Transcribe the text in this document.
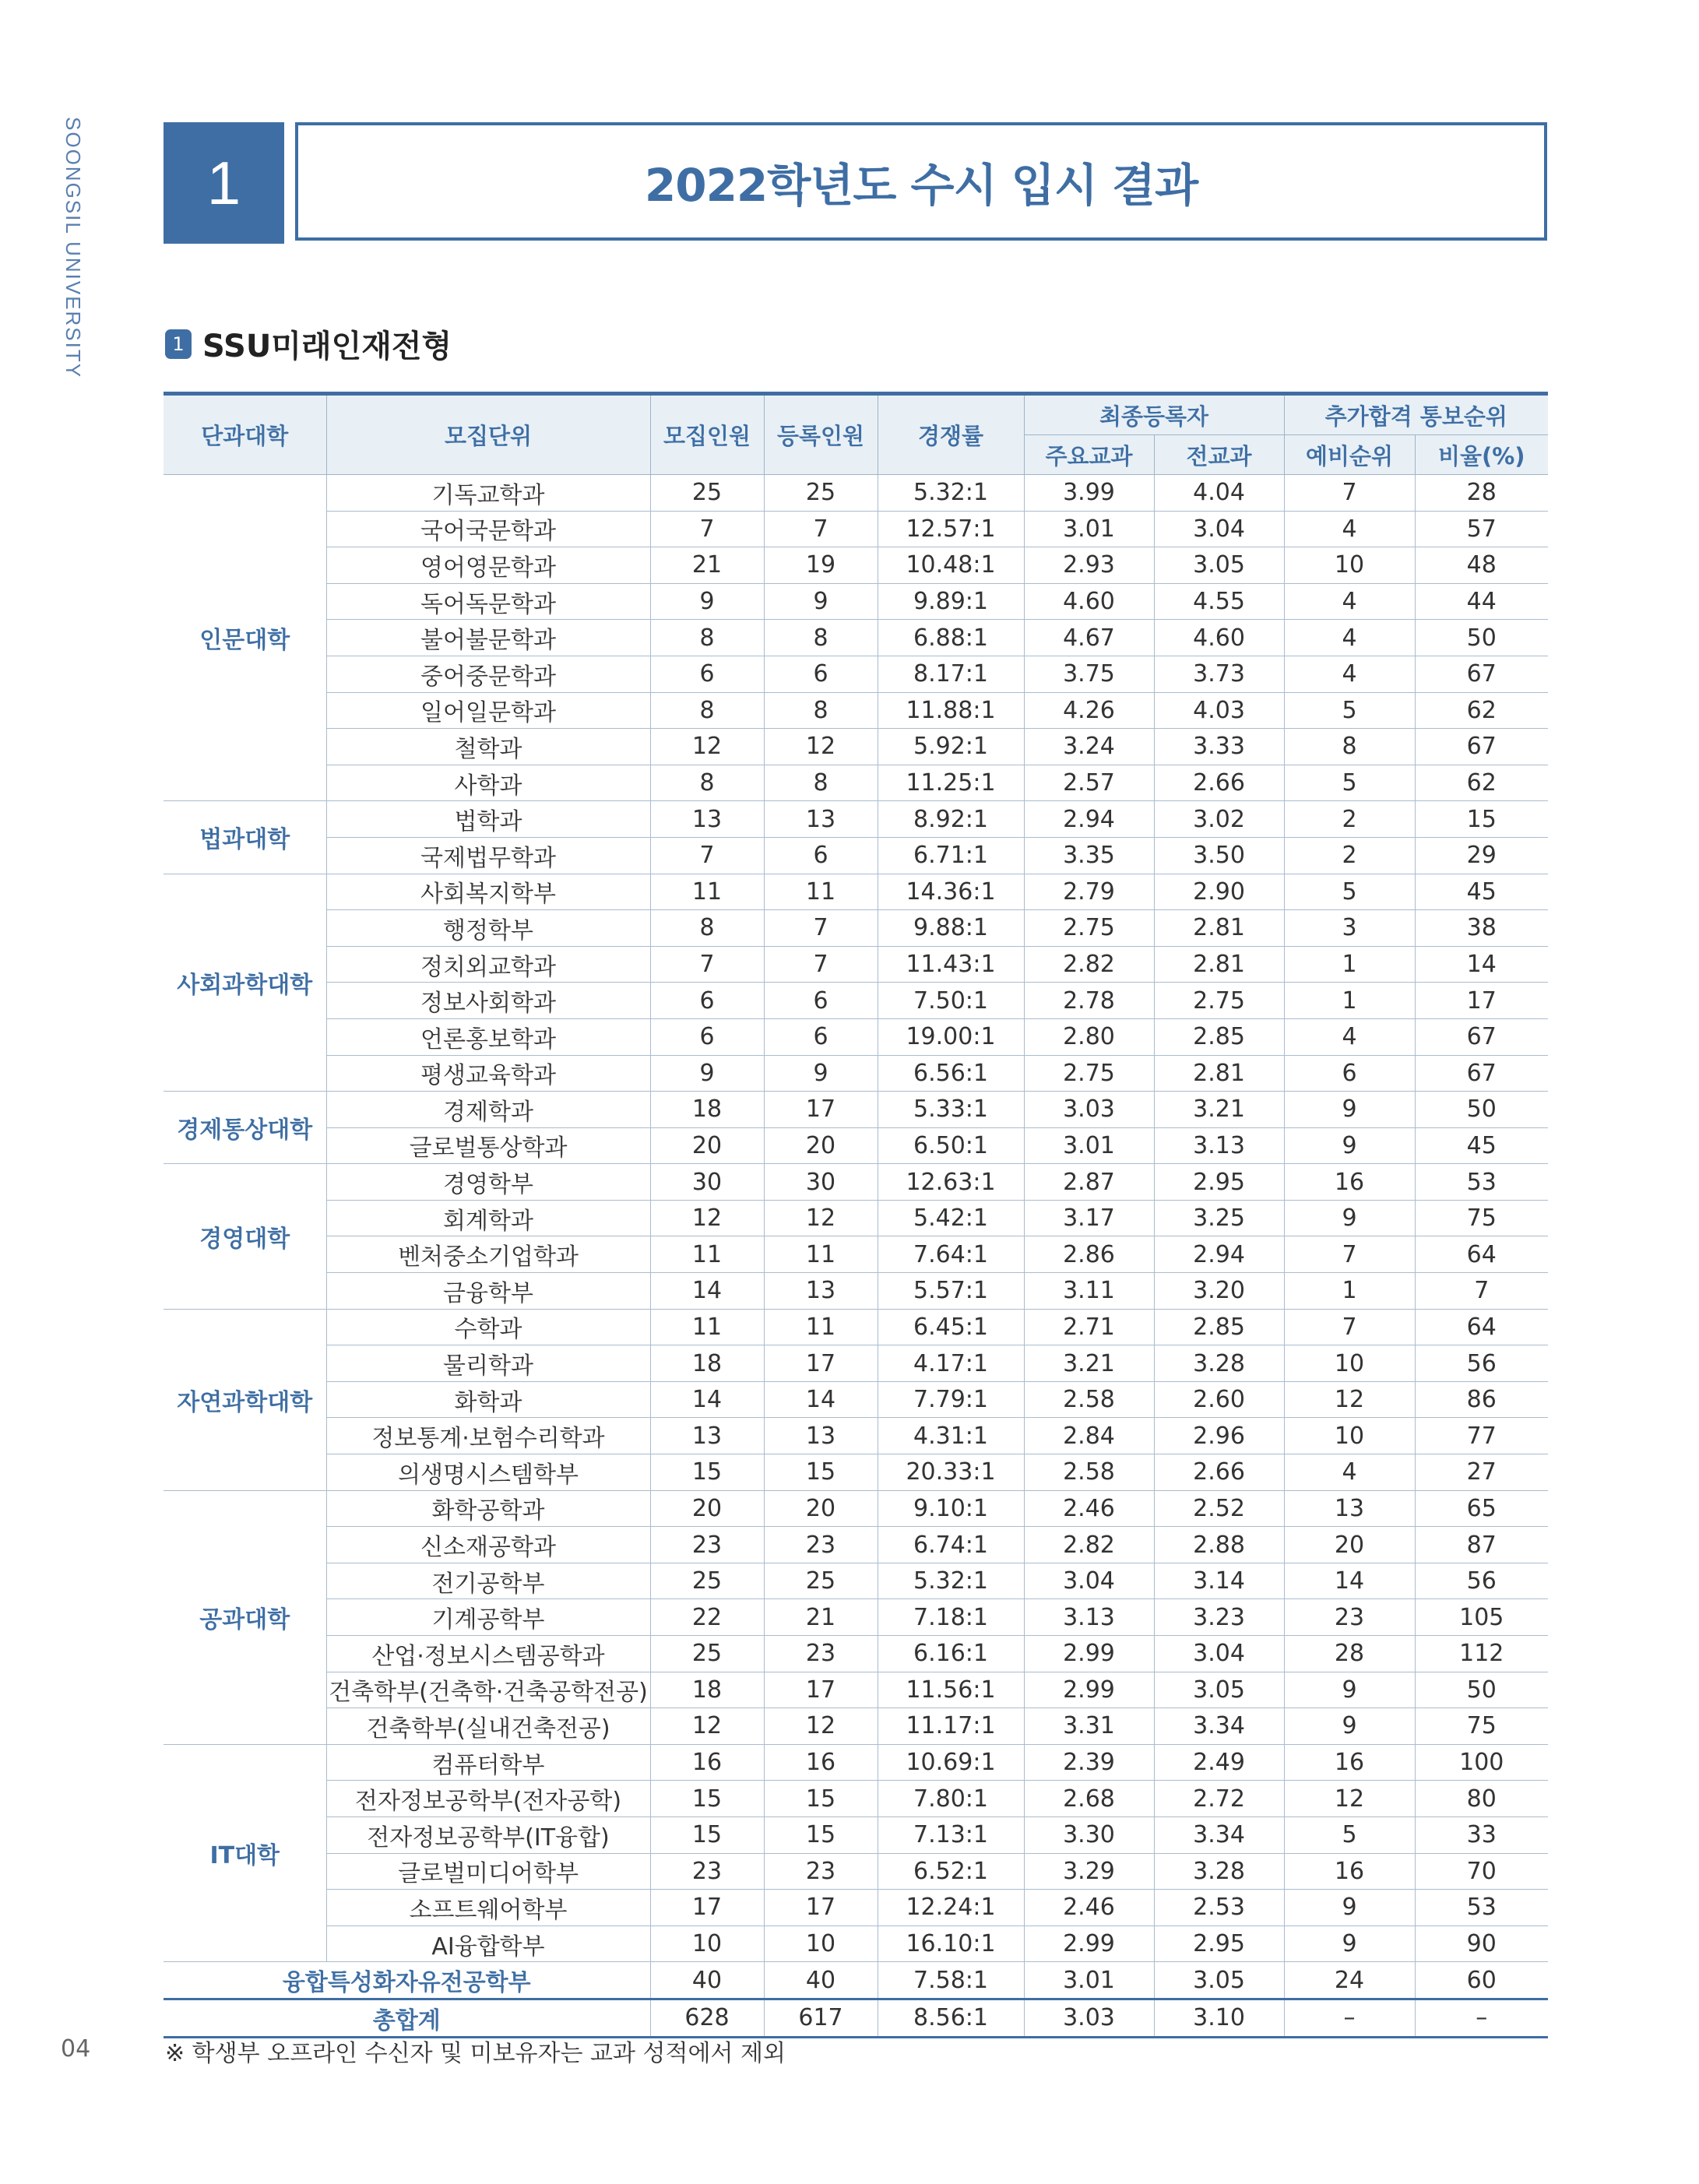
SOONGSIL UNIVERSITY	1	2022학년도 수시 입시 결과
1 SSU미래인재전형
단과대학	모집단위	모집인원	등록인원	경쟁률	최종등록자		추가합격 통보순위	
					주요교과	전교과	예비순위	비율(%)
인문대학	기독교학과	25	25	5.32:1	3.99	4.04	7	28
	국어국문학과	7	7	12.57:1	3.01	3.04	4	57
	영어영문학과	21	19	10.48:1	2.93	3.05	10	48
	독어독문학과	9	9	9.89:1	4.60	4.55	4	44
	불어불문학과	8	8	6.88:1	4.67	4.60	4	50
	중어중문학과	6	6	8.17:1	3.75	3.73	4	67
	일어일문학과	8	8	11.88:1	4.26	4.03	5	62
	철학과	12	12	5.92:1	3.24	3.33	8	67
	사학과	8	8	11.25:1	2.57	2.66	5	62
법과대학	법학과	13	13	8.92:1	2.94	3.02	2	15
	국제법무학과	7	6	6.71:1	3.35	3.50	2	29
사회과학대학	사회복지학부	11	11	14.36:1	2.79	2.90	5	45
	행정학부	8	7	9.88:1	2.75	2.81	3	38
	정치외교학과	7	7	11.43:1	2.82	2.81	1	14
	정보사회학과	6	6	7.50:1	2.78	2.75	1	17
	언론홍보학과	6	6	19.00:1	2.80	2.85	4	67
	평생교육학과	9	9	6.56:1	2.75	2.81	6	67
경제통상대학	경제학과	18	17	5.33:1	3.03	3.21	9	50
	글로벌통상학과	20	20	6.50:1	3.01	3.13	9	45
경영대학	경영학부	30	30	12.63:1	2.87	2.95	16	53
	회계학과	12	12	5.42:1	3.17	3.25	9	75
	벤처중소기업학과	11	11	7.64:1	2.86	2.94	7	64
	금융학부	14	13	5.57:1	3.11	3.20	1	7
자연과학대학	수학과	11	11	6.45:1	2.71	2.85	7	64
	물리학과	18	17	4.17:1	3.21	3.28	10	56
	화학과	14	14	7.79:1	2.58	2.60	12	86
	정보통계·보험수리학과	13	13	4.31:1	2.84	2.96	10	77
	의생명시스템학부	15	15	20.33:1	2.58	2.66	4	27
공과대학	화학공학과	20	20	9.10:1	2.46	2.52	13	65
	신소재공학과	23	23	6.74:1	2.82	2.88	20	87
	전기공학부	25	25	5.32:1	3.04	3.14	14	56
	기계공학부	22	21	7.18:1	3.13	3.23	23	105
	산업·정보시스템공학과	25	23	6.16:1	2.99	3.04	28	112
	건축학부(건축학·건축공학전공)	18	17	11.56:1	2.99	3.05	9	50
	건축학부(실내건축전공)	12	12	11.17:1	3.31	3.34	9	75
IT대학	컴퓨터학부	16	16	10.69:1	2.39	2.49	16	100
	전자정보공학부(전자공학)	15	15	7.80:1	2.68	2.72	12	80
	전자정보공학부(IT융합)	15	15	7.13:1	3.30	3.34	5	33
	글로벌미디어학부	23	23	6.52:1	3.29	3.28	16	70
	소프트웨어학부	17	17	12.24:1	2.46	2.53	9	53
	AI융합학부	10	10	16.10:1	2.99	2.95	9	90
융합특성화자유전공학부		40	40	7.58:1	3.01	3.05	24	60
총합계		628	617	8.56:1	3.03	3.10	–	–
04	※ 학생부 오프라인 수신자 및 미보유자는 교과 성적에서 제외
